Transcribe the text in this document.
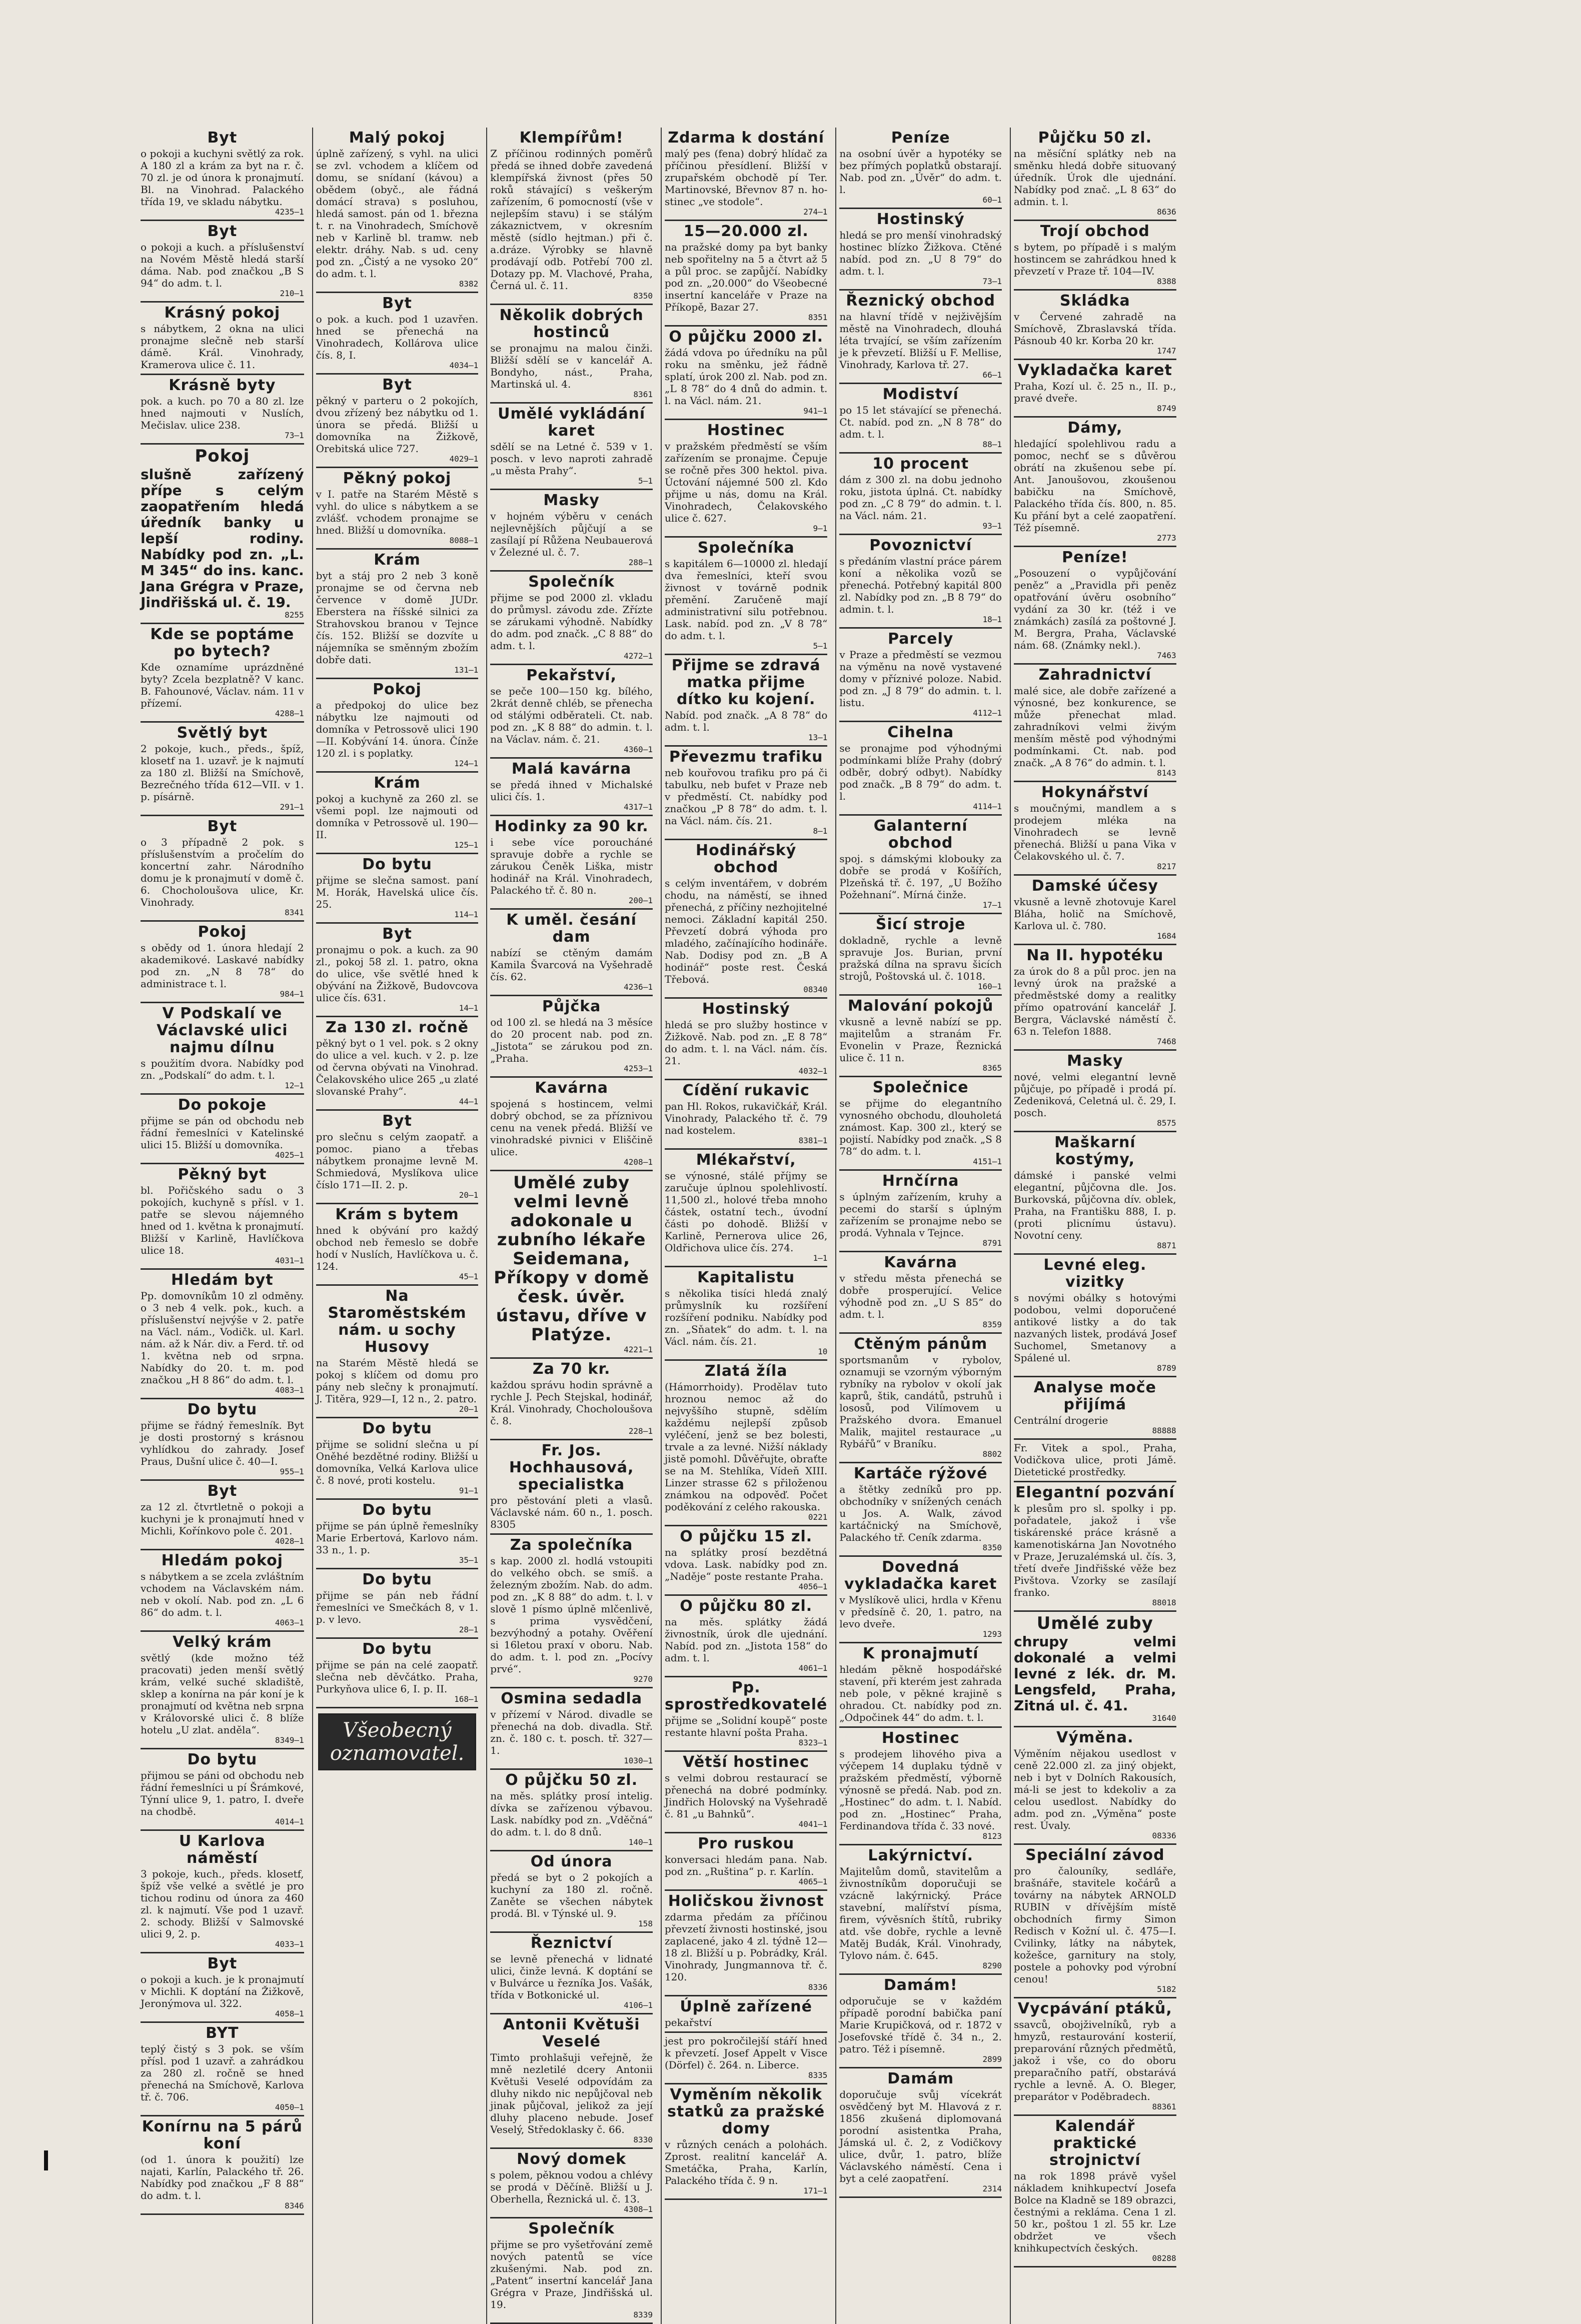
Byt

o pokoji a kuchyni světlý za rok. A 180 zl a krám za byt na r. č. 70 zl. je od února k pronajmutí. Bl. na Vinohrad. Palackého třída 19, ve skladu nábytku.

4235—1
Byt

o pokoji a kuch. a příslušenství na Novém Městě hledá starší dáma. Nab. pod značkou „B S 94“ do adm. t. l.

210—1
Krásný pokoj

s nábytkem, 2 okna na ulici pronajme slečně neb starší dámě. Král. Vinohrady, Kramerova ulice č. 11.

Krásně byty

pok. a kuch. po 70 a 80 zl. lze hned najmouti v Nuslích, Mečislav. ulice 238.

73—1
Pokoj

slušně zařízený přípe s celým zaopatřením hledá úředník banky u lepší rodiny. Nabídky pod zn. „L. M 345“ do ins. kanc. Jana Grégra v Praze, Jindřišská ul. č. 19.

8255
Kde se poptáme po bytech?

Kde oznamíme uprázdněné byty? Zcela bezplatně? V kanc. B. Fahounové, Václav. nám. 11 v přízemí.

4288—1
Světlý byt

2 pokoje, kuch., předs., špíž, klosetf na 1. uzavř. je k najmutí za 180 zl. Bližší na Smíchově, Bezrečného třída 612—VII. v 1. p. písárně.

291—1
Byt

o 3 případně 2 pok. s příslušenstvím a pročelím do koncertní zahr. Národního domu je k pronajmutí v domě č. 6. Chocholoušova ulice, Kr. Vinohrady.

8341
Pokoj

s obědy od 1. února hledají 2 akademikové. Laskavé nabídky pod zn. „N 8 78“ do administrace t. l.

984—1
V Podskalí ve Václavské ulici najmu dílnu

s použitím dvora. Nabídky pod zn. „Podskalí“ do adm. t. l.

12—1
Do pokoje

přijme se pán od obchodu neb řádní řemeslníci v Katelinské ulici 15. Bližší u domovníka.

4025—1
Pěkný byt

bl. Pořičského sadu o 3 pokojích, kuchyně s přísl. v 1. patře se slevou nájemného hned od 1. května k pronajmutí. Bližší v Karlině, Havlíčkova ulice 18.

4031—1
Hledám byt

Pp. domovníkům 10 zl odměny. o 3 neb 4 velk. pok., kuch. a příslušenství nejvýše v 2. patře na Václ. nám., Vodičk. ul. Karl. nám. až k Nár. div. a Ferd. tř. od 1. května neb od srpna. Nabídky do 20. t. m. pod značkou „H 8 86“ do adm. t. l.

4083—1
Do bytu

přijme se řádný řemeslník. Byt je dosti prostorný s krásnou vyhlídkou do zahrady. Josef Praus, Dušní ulice č. 40—I.

955—1
Byt

za 12 zl. čtvrtletně o pokoji a kuchyni je k pronajmutí hned v Michli, Kořínkovo pole č. 201.

4028—1
Hledám pokoj

s nábytkem a se zcela zvláštním vchodem na Václavském nám. neb v okolí. Nab. pod zn. „L 6 86“ do adm. t. l.

4063—1
Velký krám

světlý (kde možno též pracovati) jeden menší světlý krám, velké suché skladiště, sklep a konírna na pár koní je k pronajmutí od května neb srpna v Královorské ulici č. 8 blíže hotelu „U zlat. anděla“.

8349—1
Do bytu

přijmou se páni od obchodu neb řádní řemeslníci u pí Šrámkové, Týnní ulice 9, 1. patro, I. dveře na chodbě.

4014—1
U Karlova náměstí

3 pokoje, kuch., předs. klosetf, špíž vše velké a světlé je pro tichou rodinu od února za 460 zl. k najmutí. Vše pod 1 uzavř. 2. schody. Bližší v Salmovské ulici 9, 2. p.

4033—1
Byt

o pokoji a kuch. je k pronajmutí v Michli. K doptání na Žižkově, Jeronýmova ul. 322.

4058—1
BYT

teplý čistý s 3 pok. se vším přísl. pod 1 uzavř. a zahrádkou za 280 zl. ročně se hned přenechá na Smíchově, Karlova tř. č. 706.

4050—1
Konírnu na 5 párů koní

(od 1. února k použití) lze najati, Karlín, Palackého tř. 26. Nabídky pod značkou „F 8 88“ do adm. t. l.

8346
Malý pokoj

úplně zařízený, s vyhl. na ulici se zvl. vchodem a klíčem od domu, se snídaní (kávou) a obědem (obyč., ale řádná domácí strava) s posluhou, hledá samost. pán od 1. března t. r. na Vinohradech, Smíchově neb v Karlině bl. tramw. neb elektr. dráhy. Nab. s ud. ceny pod zn. „Čistý a ne vysoko 20“ do adm. t. l.

8382
Byt

o pok. a kuch. pod 1 uzavřen. hned se přenechá na Vinohradech, Kollárova ulice čís. 8, I.

4034—1
Byt

pěkný v parteru o 2 pokojích, dvou zřízený bez nábytku od 1. února se předá. Bližší u domovníka na Žižkově, Orebitská ulice 727.

4029—1
Pěkný pokoj

v I. patře na Starém Městě s vyhl. do ulice s nábytkem a se zvlášť. vchodem pronajme se hned. Bližší u domovníka.

8088—1
Krám

byt a stáj pro 2 neb 3 koně pronajme se od června neb července v domě JUDr. Eberstera na říšské silnici za Strahovskou branou v Tejnce čís. 152. Bližší se dozvíte u nájemníka se směnným zbožím dobře dati.

131—1
Pokoj

a předpokoj do ulice bez nábytku lze najmouti od domníka v Petrossově ulici 190—II. Kobývání 14. února. Čínže 120 zl. i s poplatky.

124—1
Krám

pokoj a kuchyně za 260 zl. se všemi popl. lze najmouti od domníka v Petrossově ul. 190—II.

125—1
Do bytu

přijme se slečna samost. paní M. Horák, Havelská ulice čís. 25.

114—1
Byt

pronajmu o pok. a kuch. za 90 zl., pokoj 58 zl. 1. patro, okna do ulice, vše světlé hned k obývání na Žižkově, Budovcova ulice čís. 631.

14—1
Za 130 zl. ročně

pěkný byt o 1 vel. pok. s 2 okny do ulice a vel. kuch. v 2. p. lze od června obývati na Vinohrad. Čelakovského ulice 265 „u zlaté slovanské Prahy“.

44—1
Byt

pro slečnu s celým zaopatř. a pomoc. piano a třebas nábytkem pronajme levně M. Schmiedová, Myslíkova ulice číslo 171—II. 2. p.

20—1
Krám s bytem

hned k obývání pro každý obchod neb řemeslo se dobře hodí v Nuslích, Havlíčkova u. č. 124.

45—1
Na Staroměstském nám. u sochy Husovy

na Starém Městě hledá se pokoj s klíčem od domu pro pány neb slečny k pronajmutí. J. Titěra, 929—I, 12 n., 2. patro.

20—1
Do bytu

přijme se solidní slečna u pí Oněhé bezdětné rodiny. Bližší u domovníka, Velká Karlova ulice č. 8 nové, proti kostelu.

91—1
Do bytu

přijme se pán úplně řemeslníky Marie Erbertová, Karlovo nám. 33 n., 1. p.

35—1
Do bytu

přijme se pán neb řádní řemeslníci ve Smečkách 8, v 1. p. v levo.

28—1
Do bytu

přijme se pán na celé zaopatř. slečna neb děvčátko. Praha, Purkyňova ulice 6, I. p. II.

168—1
Všeobecný
oznamovatel.
Klempířům!

Z příčinou rodinných poměrů předá se ihned dobře zavedená klempířská živnost (přes 50 roků stávající) s veškerým zařízením, 6 pomocností (vše v nejlepším stavu) i se stálým zákaznictvem, v okresním městě (sídlo hejtman.) při č. a.dráze. Výrobky se hlavně prodávají odb. Potřebí 700 zl. Dotazy pp. M. Vlachové, Praha, Černá ul. č. 11.

8350
Několik dobrých hostinců

se pronajmu na malou činži. Bližší sdělí se v kancelář A. Bondyho, nást., Praha, Martinská ul. 4.

8361
Umělé vykládání karet

sdělí se na Letné č. 539 v 1. posch. v levo naproti zahradě „u města Prahy“.

5—1
Masky

v hojném výběru v cenách nejlevnějších půjčují a se zasílají pí Růžena Neubauerová v Železné ul. č. 7.

288—1
Společník

přijme se pod 2000 zl. vkladu do průmysl. závodu zde. Zřízte se zárukami výhodně. Nabídky do adm. pod značk. „C 8 88“ do adm. t. l.

4272—1
Pekařství,

se peče 100—150 kg. bílého, 2krát denně chléb, se přenecha od stálými odběrateli. Ct. nab. pod zn. „K 8 88“ do admin. t. l. na Václav. nám. č. 21.

4360—1
Malá kavárna

se předá ihned v Michalské ulici čís. 1.

4317—1
Hodinky za 90 kr.

i sebe více poroucháné spravuje dobře a rychle se zárukou Čeněk Liška, mistr hodinář na Král. Vinohradech, Palackého tř. č. 80 n.

200—1
K uměl. česání dam

nabízí se ctěným damám Kamila Švarcová na Vyšehradě čís. 62.

4236—1
Půjčka

od 100 zl. se hledá na 3 měsíce do 20 procent nab. pod zn. „Jistota“ se zárukou pod zn. „Praha.

4253—1
Kavárna

spojená s hostincem, velmi dobrý obchod, se za příznivou cenu na venek předá. Bližší ve vinohradské pivnici v Eliščině ulice.

4208—1
Umělé zuby velmi levně adokonale u zubního lékaře Seidemana, Příkopy v domě česk. úvěr. ústavu, dříve v Platýze.
4221—1
Za 70 kr.

každou správu hodin správně a rychle J. Pech Stejskal, hodinář, Král. Vinohrady, Chocholoušova č. 8.

228—1
Fr. Jos. Hochhausová, specialistka

pro pěstování pleti a vlasů. Václavské nám. 60 n., 1. posch. 8305

Za společníka

s kap. 2000 zl. hodlá vstoupiti do velkého obch. se smíš. a železným zbožím. Nab. do adm. pod zn. „K 8 88“ do adm. t. l. v slově 1 písmo úplně mlčenlivě, s prima vysvědčení, bezvýhodný a potahy. Ověření si 16letou praxí v oboru. Nab. do adm. t. l. pod zn. „Pocívy prvé“.

9270
Osmina sedadla

v přízemí v Národ. divadle se přenechá na dob. divadla. Stř. zn. č. 180 c. t. posch. tř. 327—1.

1030—1
O půjčku 50 zl.

na měs. splátky prosí intelig. dívka se zařízenou výbavou. Lask. nabídky pod zn. „Vděčná“ do adm. t. l. do 8 dnů.

140—1
Od února

předá se byt o 2 pokojích a kuchyní za 180 zl. ročně. Zaněte se všechen nábytek prodá. Bl. v Týnské ul. 9.

158
Řeznictví

se levně přenechá v lidnaté ulici, činže levná. K doptání se v Bulvárce u řezníka Jos. Vašák, třída v Botkonické ul.

4106—1
Antonii Květuši Veselé

Timto prohlašuji veřejně, že mně nezletilé dcery Antonii Květuši Veselé odpovídám za dluhy nikdo nic nepůjčoval neb jinak půjčoval, jelikož za její dluhy placeno nebude. Josef Veselý, Středoklasky č. 66.

8330
Nový domek

s polem, pěknou vodou a chlévy se prodá v Děčíně. Bližší u J. Oberhella, Řeznická ul. č. 13.

4308—1
Společník

přijme se pro vyšetřování země nových patentů se více zkušenými. Nab. pod zn. „Patent“ insertní kancelář Jana Grégra v Praze, Jindřišská ul. 19.

8339
Zdarma k dostání

malý pes (fena) dobrý hlídač za příčinou přesídlení. Bližší v zrupařském obchodě pí Ter. Martinovské, Břevnov 87 n. ho-stinec „ve stodole“.

274—1
15—20.000 zl.

na pražské domy pa byt banky neb spořitelny na 5 a čtvrt až 5 a půl proc. se zapůjčí. Nabídky pod zn. „20.000“ do Všeobecné insertní kanceláře v Praze na Příkopě, Bazar 27.

8351
O půjčku 2000 zl.

žádá vdova po úředníku na půl roku na směnku, jež řádně splatí, úrok 200 zl. Nab. pod zn. „L 8 78“ do 4 dnů do admin. t. l. na Václ. nám. 21.

941—1
Hostinec

v pražském předměstí se vším zařízením se pronajme. Čepuje se ročně přes 300 hektol. piva. Úctování nájemné 500 zl. Kdo přijme u nás, domu na Král. Vinohradech, Čelakovského ulice č. 627.

9—1
Společníka

s kapitálem 6—10000 zl. hledají dva řemeslníci, kteří svou živnost v továrně podnik přemění. Zaručeně mají administrativní silu potřebnou. Lask. nabíd. pod zn. „V 8 78“ do adm. t. l.

5—1
Přijme se zdravá matka přijme dítko ku kojení.

Nabíd. pod značk. „A 8 78“ do adm. t. l.

13—1
Převezmu trafiku

neb kouřovou trafiku pro pá či tabulku, neb bufet v Praze neb v předměstí. Ct. nabídky pod značkou „P 8 78“ do adm. t. l. na Václ. nám. čís. 21.

8—1
Hodinářský obchod

s celým inventářem, v dobrém chodu, na náměstí, se ihned přenechá, z příčiny nezhojitelné nemoci. Základní kapitál 250. Převzetí dobrá výhoda pro mladého, začínajícího hodináře. Nab. Dodisy pod zn. „B A hodinář“ poste rest. Česká Třebová.

08340
Hostinský

hledá se pro služby hostince v Žižkově. Nab. pod zn. „E 8 78“ do adm. t. l. na Václ. nám. čís. 21.

4032—1
Cídění rukavic

pan Hl. Rokos, rukavičkář, Král. Vinohrady, Palackého tř. č. 79 nad kostelem.

8381—1
Mlékařství,

se výnosné, stálé příjmy se zaručuje úplnou spolehlivostí. 11,500 zl., holové třeba mnoho částek, ostatní tech., úvodní části po dohodě. Bližší v Karlině, Pernerova ulice 26, Oldřichova ulice čís. 274.

1—1
Kapitalistu

s několika tisíci hledá znalý průmyslník ku rozšíření rozšíření podniku. Nabídky pod zn. „Sňatek“ do adm. t. l. na Václ. nám. čís. 21.

10
Zlatá žíla

(Hámorrhoidy). Prodělav tuto hroznou nemoc až do nejvyššího stupně, sdělím každému nejlepší způsob vyléčení, jenž se bez bolesti, trvale a za levné. Nižší náklady jistě pomohl. Důvěřujte, obraťte se na M. Stehlíka, Vídeň XIII. Linzer strasse 62 s přiloženou známkou na odpověď. Počet poděkování z celého rakouska.

0221
O půjčku 15 zl.

na splátky prosí bezdětná vdova. Lask. nabídky pod zn. „Naděje“ poste restante Praha.

4056—1
O půjčku 80 zl.

na měs. splátky žádá živnostník, úrok dle ujednání. Nabíd. pod zn. „Jistota 158“ do adm. t. l.

4061—1
Pp. sprostředkovatelé

přijme se „Solidní koupě“ poste restante hlavní pošta Praha.

8323—1
Větší hostinec

s velmi dobrou restaurací se přenechá na dobré podmínky. Jindřich Holovský na Vyšehradě č. 81 „u Bahnků“.

4041—1
Pro ruskou

konversaci hledám pana. Nab. pod zn. „Ruština“ p. r. Karlín.

4065—1
Holičskou živnost

zdarma předám za příčinou převzetí živnosti hostinské, jsou zaplacené, jako 4 zl. týdně 12—18 zl. Bližší u p. Pobrádky, Král. Vinohrady, Jungmannova tř. č. 120.

8336
Úplně zařízené

pekařství

jest pro pokročilejší stáří hned k převzetí. Josef Appelt v Visce (Dörfel) č. 264. n. Liberce.

8335
Vyměním několik statků za pražské domy

v různých cenách a polohách. Zprost. realitní kancelář A. Smetáčka, Praha, Karlín, Palackého třída č. 9 n.

171—1
Peníze

na osobní úvěr a hypotéky se bez přímých poplatků obstarají. Nab. pod zn. „Úvěr“ do adm. t. l.

60—1
Hostinský

hledá se pro menší vinohradský hostinec blízko Žižkova. Ctěné nabíd. pod zn. „U 8 79“ do adm. t. l.

73—1
Řeznický obchod

na hlavní třídě v nejživějším městě na Vinohradech, dlouhá léta trvající, se vším zařízením je k převzetí. Bližší u F. Mellise, Vinohrady, Karlova tř. 27.

66—1
Modiství

po 15 let stávající se přenechá. Ct. nabíd. pod zn. „N 8 78“ do adm. t. l.

88—1
10 procent

dám z 300 zl. na dobu jednoho roku, jistota úplná. Ct. nabídky pod zn. „C 8 79“ do admin. t. l. na Václ. nám. 21.

93—1
Povoznictví

s předáním vlastní práce párem koní a několika vozů se přenechá. Potřebný kapitál 800 zl. Nabídky pod zn. „B 8 79“ do admin. t. l.

18—1
Parcely

v Praze a předměstí se vezmou na výměnu na nově vystavené domy v příznivé poloze. Nabid. pod zn. „J 8 79“ do admin. t. l. listu.

4112—1
Cihelna

se pronajme pod výhodnými podmínkami blíže Prahy (dobrý odběr, dobrý odbyt). Nabídky pod značk. „B 8 79“ do adm. t. l.

4114—1
Galanterní obchod

spoj. s dámskými klobouky za dobře se prodá v Košířích, Plzeňská tř. č. 197, „U Božího Požehnaní“. Mírná činže.

17—1
Šicí stroje

dokladně, rychle a levně spravuje Jos. Burian, první pražská dílna na spravu šicích strojů, Poštovská ul. č. 1018.

160—1
Malování pokojů

vkusně a levně nabízí se pp. majitelům a stranám Fr. Evonelin v Praze, Řeznická ulice č. 11 n.

8365
Společnice

se přijme do elegantního vynosného obchodu, dlouholetá známost. Kap. 300 zl., který se pojistí. Nabídky pod značk. „S 8 78“ do adm. t. l.

4151—1
Hrnčírna

s úplným zařízením, kruhy a pecemi do starší s úplným zařízením se pronajme nebo se prodá. Vyhnala v Tejnce.

8791
Kavárna

v středu města přenechá se dobře prosperující. Velice výhodně pod zn. „U S 85“ do adm. t. l.

8359
Ctěným pánům

sportsmanům v rybolov, oznamuji se vzorným výborným rybníky na rybolov v okolí jak kaprů, štik, candátů, pstruhů i lososů, pod Vilímovem u Pražského dvora. Emanuel Malik, majitel restaurace „u Rybářů“ v Braníku.

8802
Kartáče rýžové

a štětky zedníků pro pp. obchodníky v snížených cenách u Jos. A. Walk, závod kartáčnický na Smíchově, Palackého tř. Ceník zdarma.

8350
Dovedná vykladačka karet

v Myslíkově ulici, hrdla v Křenu v předsíně č. 20, 1. patro, na levo dveře.

1293
K pronajmutí

hledám pěkně hospodářské stavení, při kterém jest zahrada neb pole, v pěkné krajině s ohradou. Ct. nabídky pod zn. „Odpočinek 44“ do adm. t. l.

Hostinec

s prodejem lihového piva a výčepem 14 duplaku týdně v pražském předměstí, výborně výnosně se předá. Nab. pod zn. „Hostinec“ do adm. t. l. Nabíd. pod zn. „Hostinec“ Praha, Ferdinandova třída č. 33 nové.

8123
Lakýrnictví.

Majitelům domů, stavitelům a živnostníkům doporučuji se vzácně lakýrnický. Práce stavební, malířství písma, firem, vývěsních štítů, rubriky atd. vše dobře, rychle a levně Matěj Budák, Král. Vinohrady, Tylovo nám. č. 645.

8290
Damám!

odporučuje se v každém případě porodní babička paní Marie Krupičková, od r. 1872 v Josefovské třídě č. 34 n., 2. patro. Též i písemně.

2899
Damám

doporučuje svůj vícekrát osvědčený byt M. Hlavová z r. 1856 zkušená diplomovaná porodní asistentka Praha, Jámská ul. č. 2, z Vodičkovy ulice, dvůr, 1. patro, blíže Václavského náměstí. Cena i byt a celé zaopatření.

2314
Půjčku 50 zl.

na měsíční splátky neb na směnku hledá dobře situovaný úředník. Úrok dle ujednání. Nabídky pod znač. „L 8 63“ do admin. t. l.

8636
Trojí obchod

s bytem, po případě i s malým hostincem se zahrádkou hned k převzetí v Praze tř. 104—IV.

8388
Skládka

v Červené zahradě na Smíchově, Zbraslavská třída. Pásnoub 40 kr. Korba 20 kr.

1747
Vykladačka karet

Praha, Kozí ul. č. 25 n., II. p., pravé dveře.

8749
Dámy,

hledající spolehlivou radu a pomoc, nechť se s důvěrou obrátí na zkušenou sebe pí. Ant. Janoušovou, zkoušenou babičku na Smíchově, Palackého třída čís. 800, n. 85. Ku přání byt a celé zaopatření. Též písemně.

2773
Peníze!

„Posouzení o vypůjčování peněz“ a „Pravidla při peněz opatřování úvěru osobního“ vydání za 30 kr. (též i ve známkách) zasílá za poštovné J. M. Bergra, Praha, Václavské nám. 68. (Známky nekl.).

7463
Zahradnictví

malé sice, ale dobře zařízené a výnosné, bez konkurence, se může přenechat mlad. zahradníkovi velmi živým menším městě pod výhodnými podmínkami. Ct. nab. pod značk. „A 8 76“ do admin. t. l.

8143
Hokynářství

s moučnými, mandlem a s prodejem mléka na Vinohradech se levně přenechá. Bližší u pana Vika v Čelakovského ul. č. 7.

8217
Damské účesy

vkusně a levně zhotovuje Karel Bláha, holič na Smíchově, Karlova ul. č. 780.

1684
Na II. hypotéku

za úrok do 8 a půl proc. jen na levný úrok na pražské a předměstské domy a realitky přímo opatrování kancelář J. Bergra, Václavské náměstí č. 63 n. Telefon 1888.

7468
Masky

nové, velmi elegantní levně půjčuje, po případě i prodá pí. Zedeniková, Celetná ul. č. 29, I. posch.

8575
Maškarní kostýmy,

dámské i panské velmi elegantní, půjčovna dle. Jos. Burkovská, půjčovna dív. oblek, Praha, na Františku 888, I. p. (proti plicnímu ústavu). Novotní ceny.

8871
Levné eleg. vizitky

s novými obálky s hotovými podobou, velmi doporučené antikové listky a do tak nazvaných listek, prodává Josef Suchomel, Smetanovy a Spálené ul.

8789
Analyse moče přijímá

Centrální drogerie

88888

Fr. Vitek a spol., Praha, Vodičkova ulice, proti Jámě. Dietetické prostředky.

Elegantní pozvání

k plesům pro sl. spolky i pp. pořadatele, jakož i vše tiskárenské práce krásně a kamenotiskárna Jan Novotného v Praze, Jeruzalémská ul. čís. 3, třetí dveře Jindřišské věže bez Pivštova. Vzorky se zasílají franko.

88018
Umělé zuby

chrupy velmi dokonalé a velmi levné z lék. dr. M. Lengsfeld, Praha, Zitná ul. č. 41.

31640
Výměna.

Výměním nějakou usedlost v ceně 22.000 zl. za jiný objekt, neb i byt v Dolních Rakousích, má-li se jest to kdekoliv a za celou usedlost. Nabídky do adm. pod zn. „Výměna“ poste rest. Úvaly.

08336
Speciální závod

pro čalouníky, sedláře, brašnáře, stavitele kočárů a továrny na nábytek ARNOLD RUBIN v dřívějším místě obchodních firmy Simon Redisch v Kožní ul. č. 475—I. Cvilinky, látky na nábytek, kožešce, garnitury na stoly, postele a pohovky pod výrobní cenou!

5182
Vycpávání ptáků,

ssavců, obojživelníků, ryb a hmyzů, restaurování kosterií, preparování různých předmětů, jakož i vše, co do oboru preparačního patří, obstarává rychle a levně. A. O. Bleger, preparátor v Poděbradech.

88361
Kalendář praktické strojnictví

na rok 1898 právě vyšel nákladem knihkupectví Josefa Bolce na Kladně se 189 obrazci, čestnými a rekláma. Cena 1 zl. 50 kr., poštou 1 zl. 55 kr. Lze obdržet ve všech knihkupectvích českých.

08288
